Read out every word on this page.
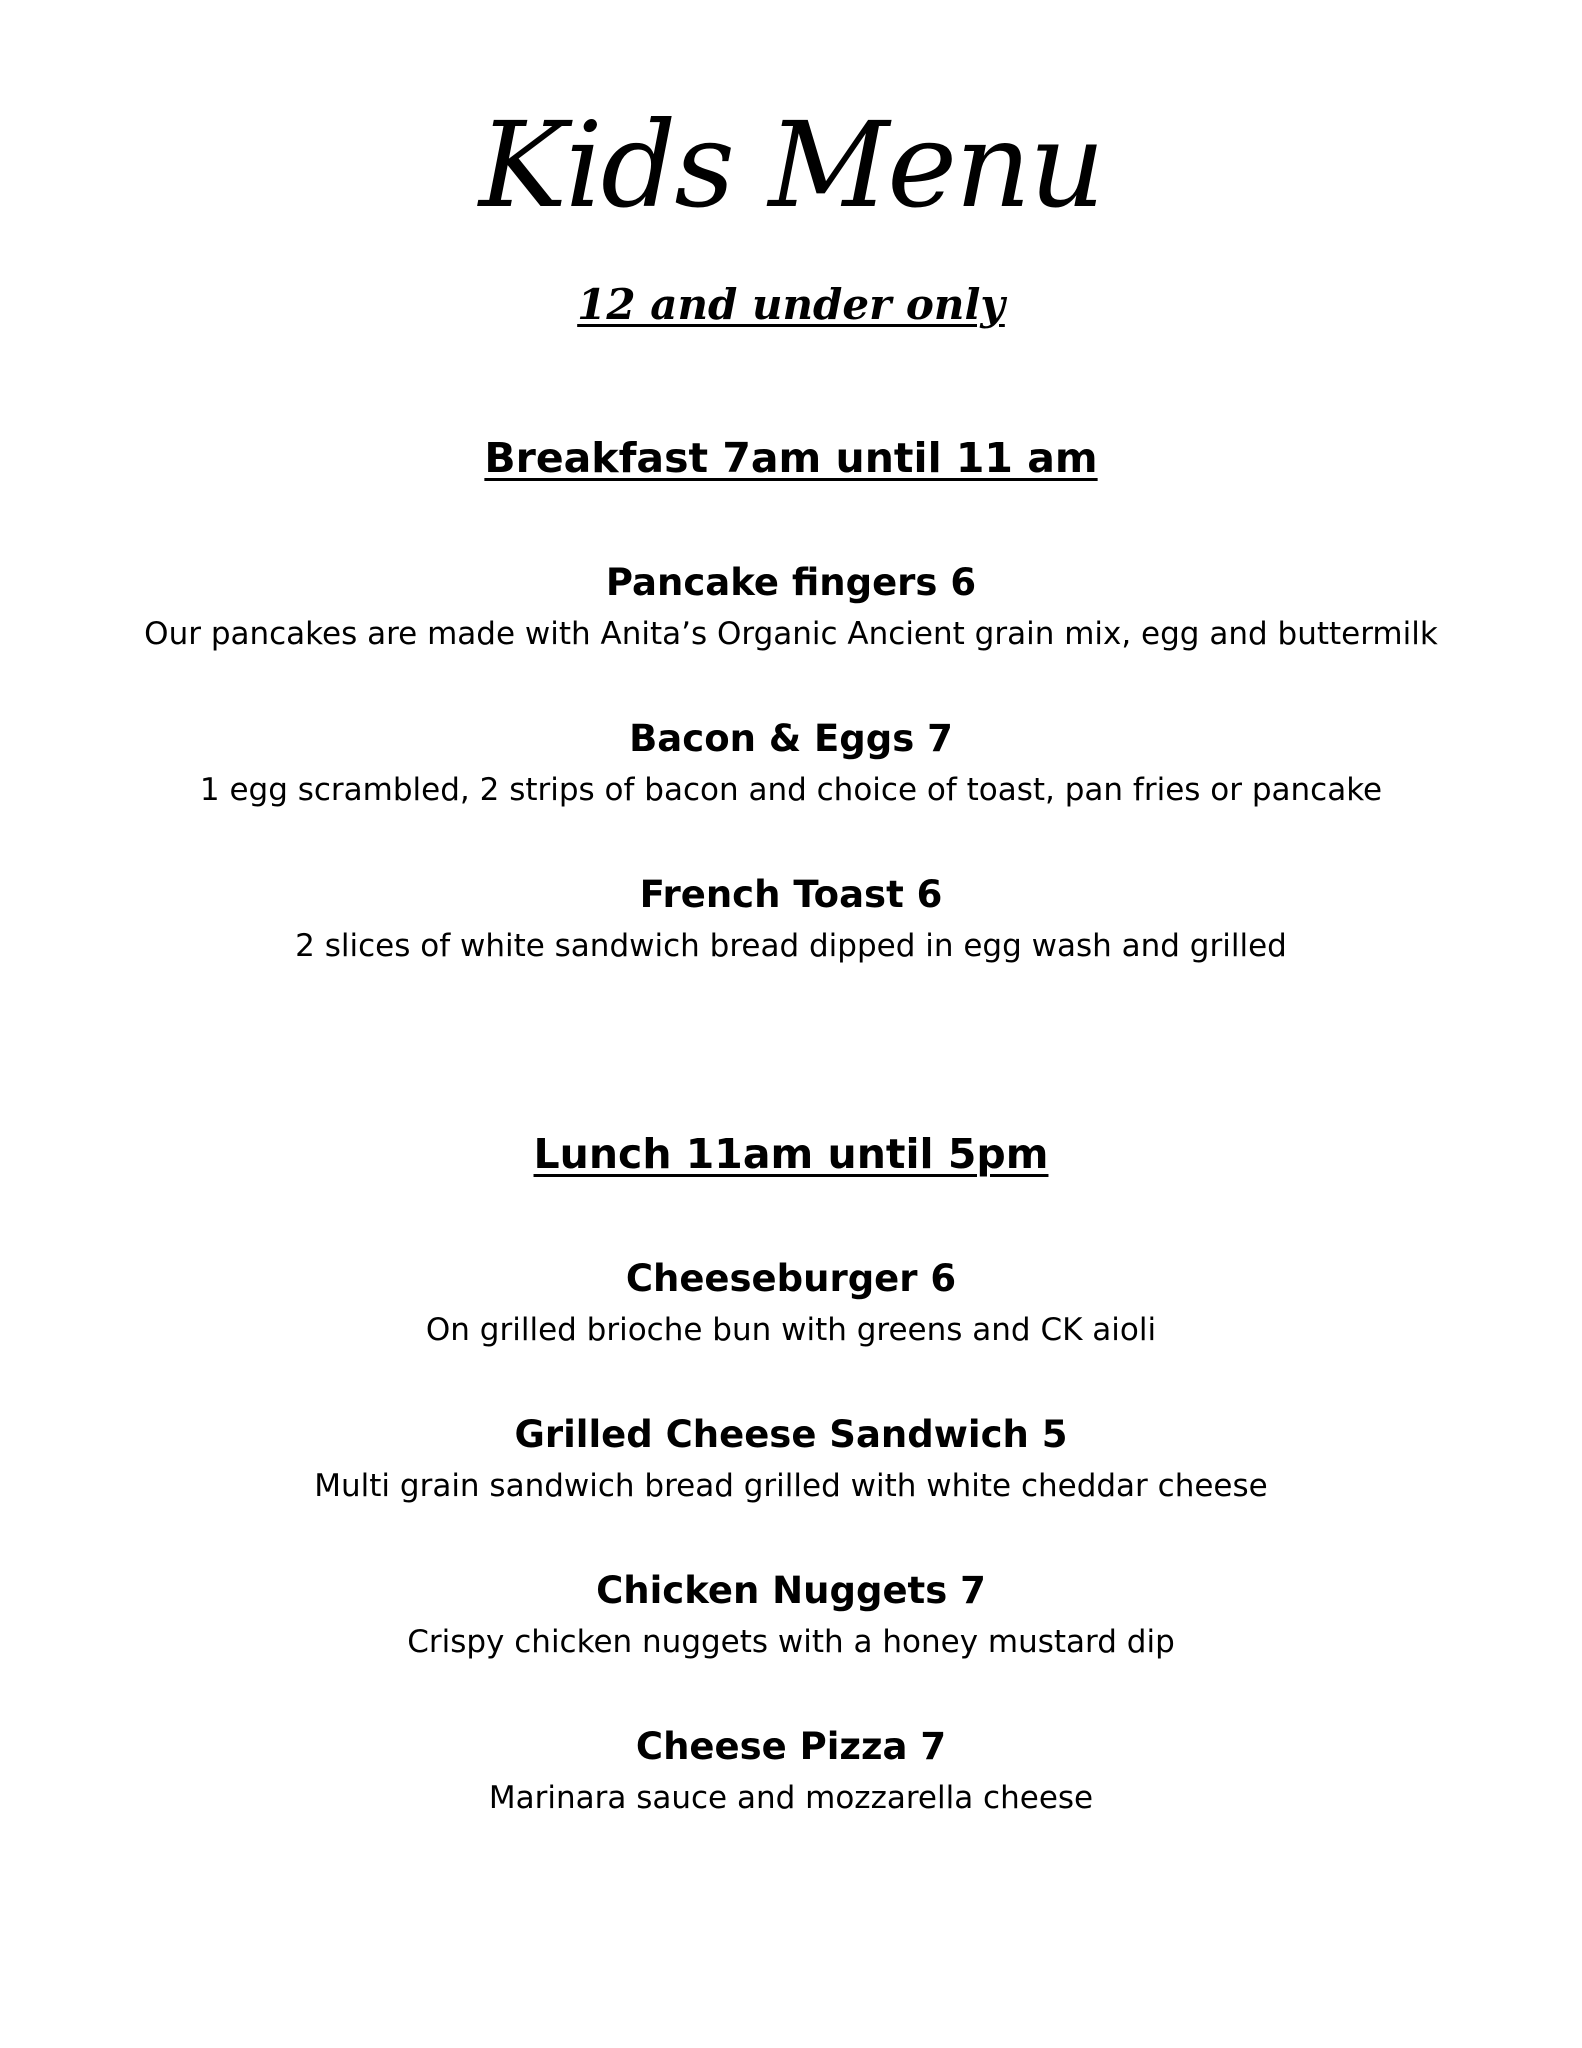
Kids Menu
12 and under only
Breakfast 7am until 11 am
Pancake fingers 6
Our pancakes are made with Anita’s Organic Ancient grain mix, egg and buttermilk
Bacon & Eggs 7
1 egg scrambled, 2 strips of bacon and choice of toast, pan fries or pancake
French Toast 6
2 slices of white sandwich bread dipped in egg wash and grilled
Lunch 11am until 5pm
Cheeseburger 6
On grilled brioche bun with greens and CK aioli
Grilled Cheese Sandwich 5
Multi grain sandwich bread grilled with white cheddar cheese
Chicken Nuggets 7
Crispy chicken nuggets with a honey mustard dip
Cheese Pizza 7
Marinara sauce and mozzarella cheese
